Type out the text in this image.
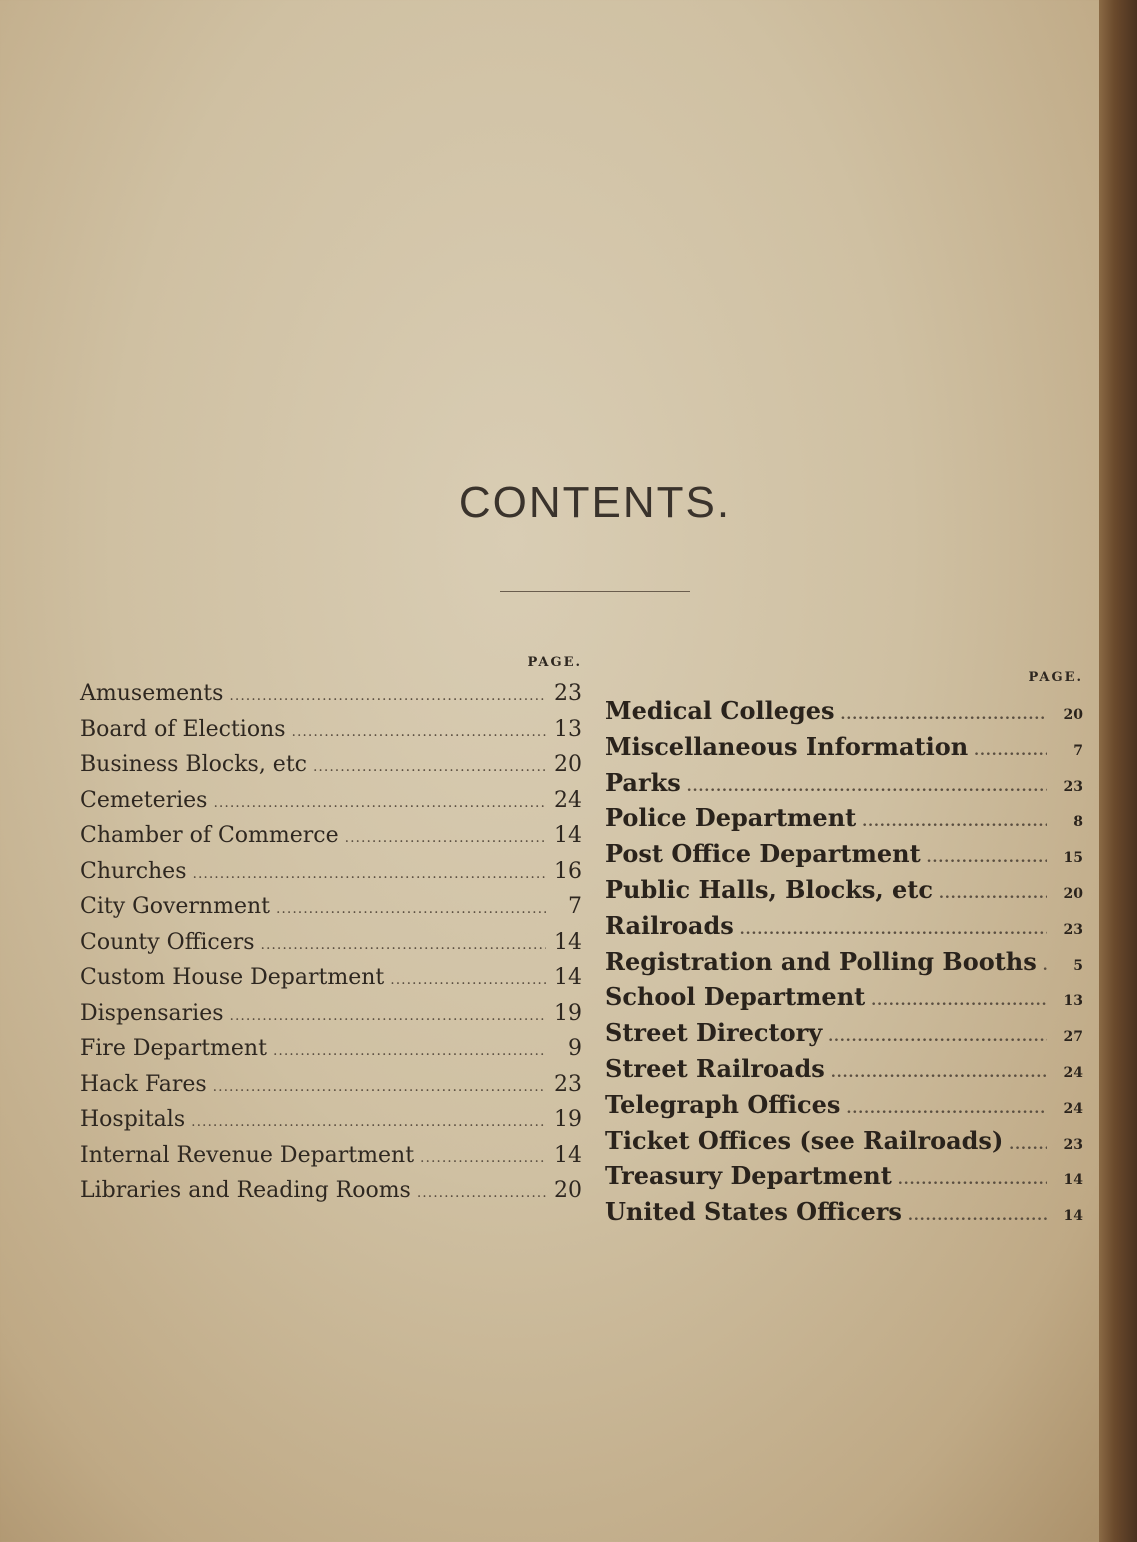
CONTENTS.
PAGE.
Amusements .....	23
Board of Elections .....	13
Business Blocks, etc .....	20
Cemeteries .....	24
Chamber of Commerce .....	14
Churches .....	16
City Government .....	7
County Officers .....	14
Custom House Department .....	14
Dispensaries .....	19
Fire Department .....	9
Hack Fares .....	23
Hospitals .....	19
Internal Revenue Department .....	14
Libraries and Reading Rooms .....	20
PAGE.
Medical Colleges .....	20
Miscellaneous Information .....	7
Parks .....	23
Police Department .....	8
Post Office Department .....	15
Public Halls, Blocks, etc .....	20
Railroads .....	23
Registration and Polling Booths .....	5
School Department .....	13
Street Directory .....	27
Street Railroads .....	24
Telegraph Offices .....	24
Ticket Offices (see Railroads) .....	23
Treasury Department .....	14
United States Officers .....	14
